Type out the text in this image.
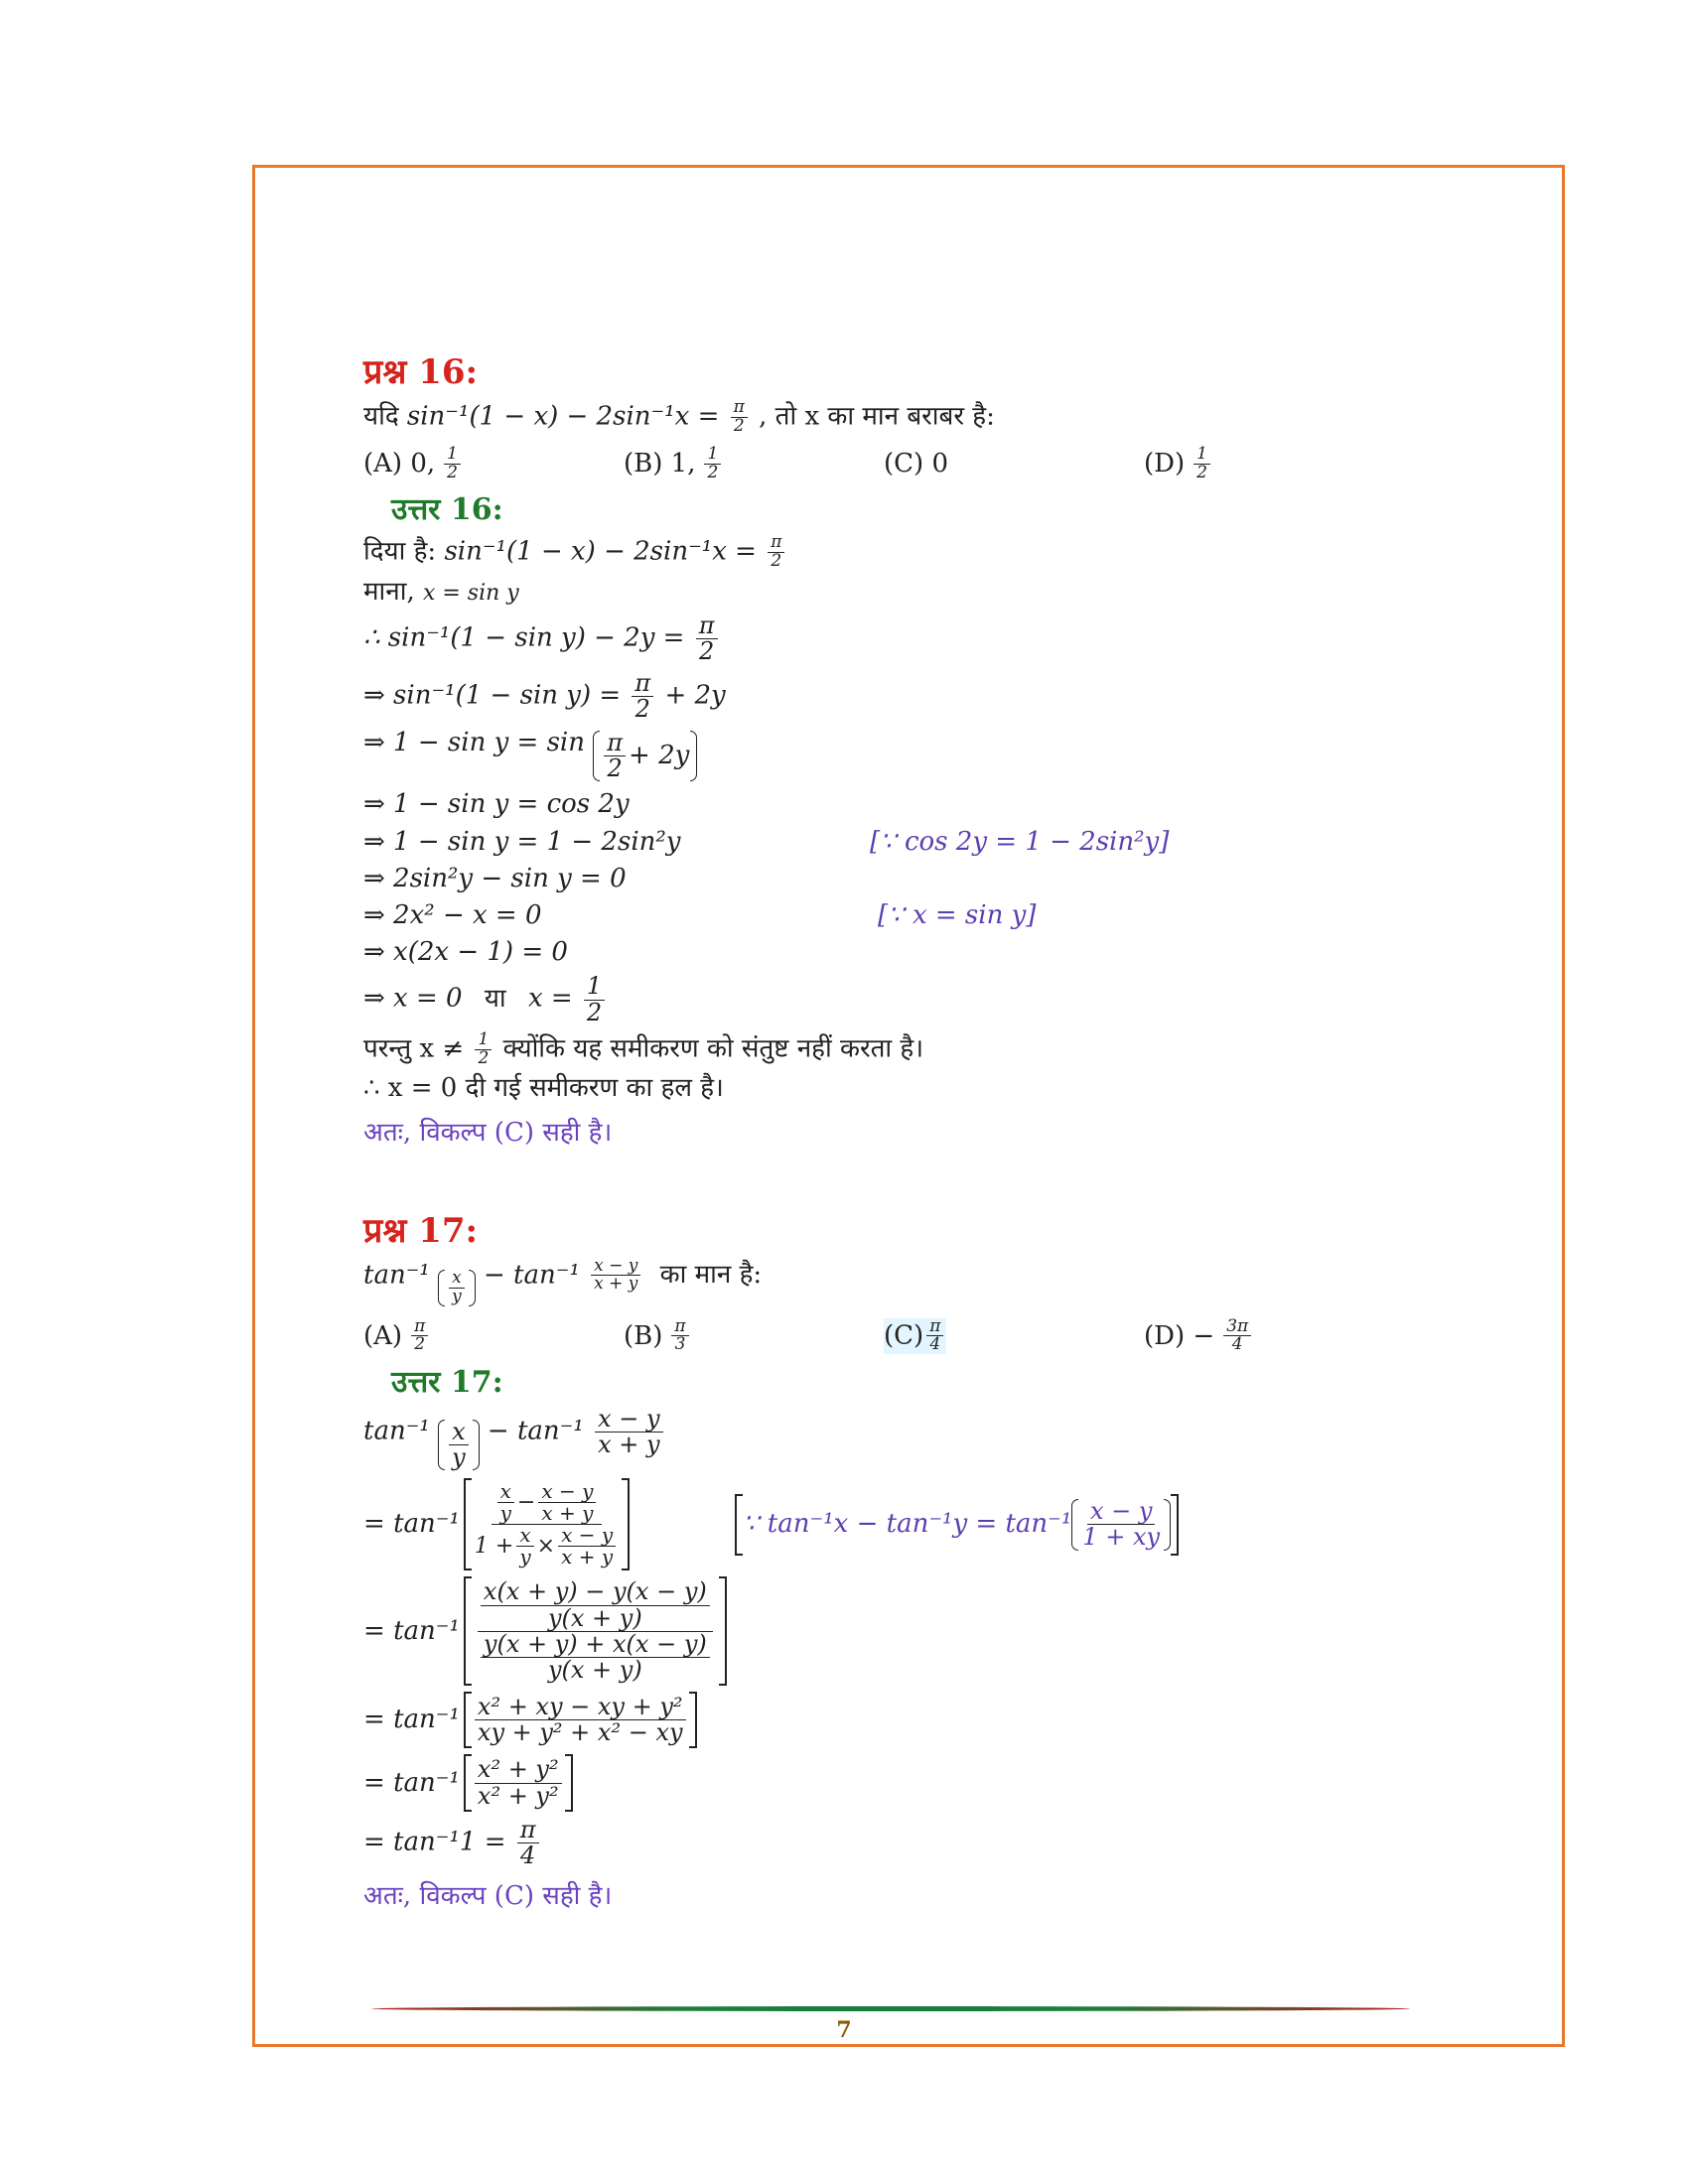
प्रश्न 16:
यदि $\sin^{-1}(1 - x) - 2\sin^{-1}x = \frac{\pi}{2}$ , तो x का मान बराबर है:
(A) 0, $\frac{1}{2}$	(B) 1, $\frac{1}{2}$	(C) 0	$(D) \frac{1}{2}$
उत्तर 16:
दिया है: $\sin^{-1}(1 - x) - 2\sin^{-1}x = \frac{\pi}{2}$
माना, x = sin y
∴ $\sin^{-1}(1 - \sin y) - 2y = \frac{\pi}{2}$
⇒ $\sin^{-1}(1 - \sin y) = \frac{\pi}{2} + 2y$
⇒ $1 - \sin y = \sin \frac{\pi}{2} + 2y$
⇒ 1 − sin y = cos 2y
⇒ 1 − sin y = 1 − 2sin²y	[∵ cos 2y = 1 − 2sin²y]
⇒ 2sin²y − sin y = 0
⇒ 2x² − x = 0	[∵ x = sin y]
⇒ x(2x − 1) = 0
⇒ x = 0 या $x = \frac{1}{2}$
परन्तु $x \ne \frac{1}{2}$ क्योंकि यह समीकरण को संतुष्ट नहीं करता है।
∴ x = 0 दी गई समीकरण का हल है।
अतः, विकल्प (C) सही है।
प्रश्न 17:
$\tan^{-1} \frac{x}{y} - \tan^{-1} \frac{x - y}{x + y}$ का मान है:
$(A) \frac{\pi}{2}$	$(B) \frac{\pi}{3}$	$(C) \frac{\pi}{4}$	$(D) - \frac{3\pi}{4}$
उत्तर 17:
$\tan^{-1} \frac{x}{y} - \tan^{-1} \frac{x - y}{x + y}$
=
$\tan^{-1} \frac{\frac{x}{y} - \frac{x - y}{x + y}}{1 + \frac{x}{y} \times \frac{x - y}{x + y}}$	∵ $\tan^{-1}x - \tan^{-1}y = \tan^{-1} \frac{x - y}{1 + xy}$
=
$\tan^{-1} \frac{\frac{x(x + y) - y(x - y)}{y(x + y)}}{\frac{y(x + y) + x(x - y)}{y(x + y)}}$
=
$\tan^{-1} \frac{\text{x² + xy − xy + y²}}{\text{xy + y² + x² − xy}}$
=
$\tan^{-1} \frac{\text{x² + y²}}{\text{x² + y²}}$
= $\tan^{-1}1 = \frac{\pi}{4}$
अतः, विकल्प (C) सही है।
7
